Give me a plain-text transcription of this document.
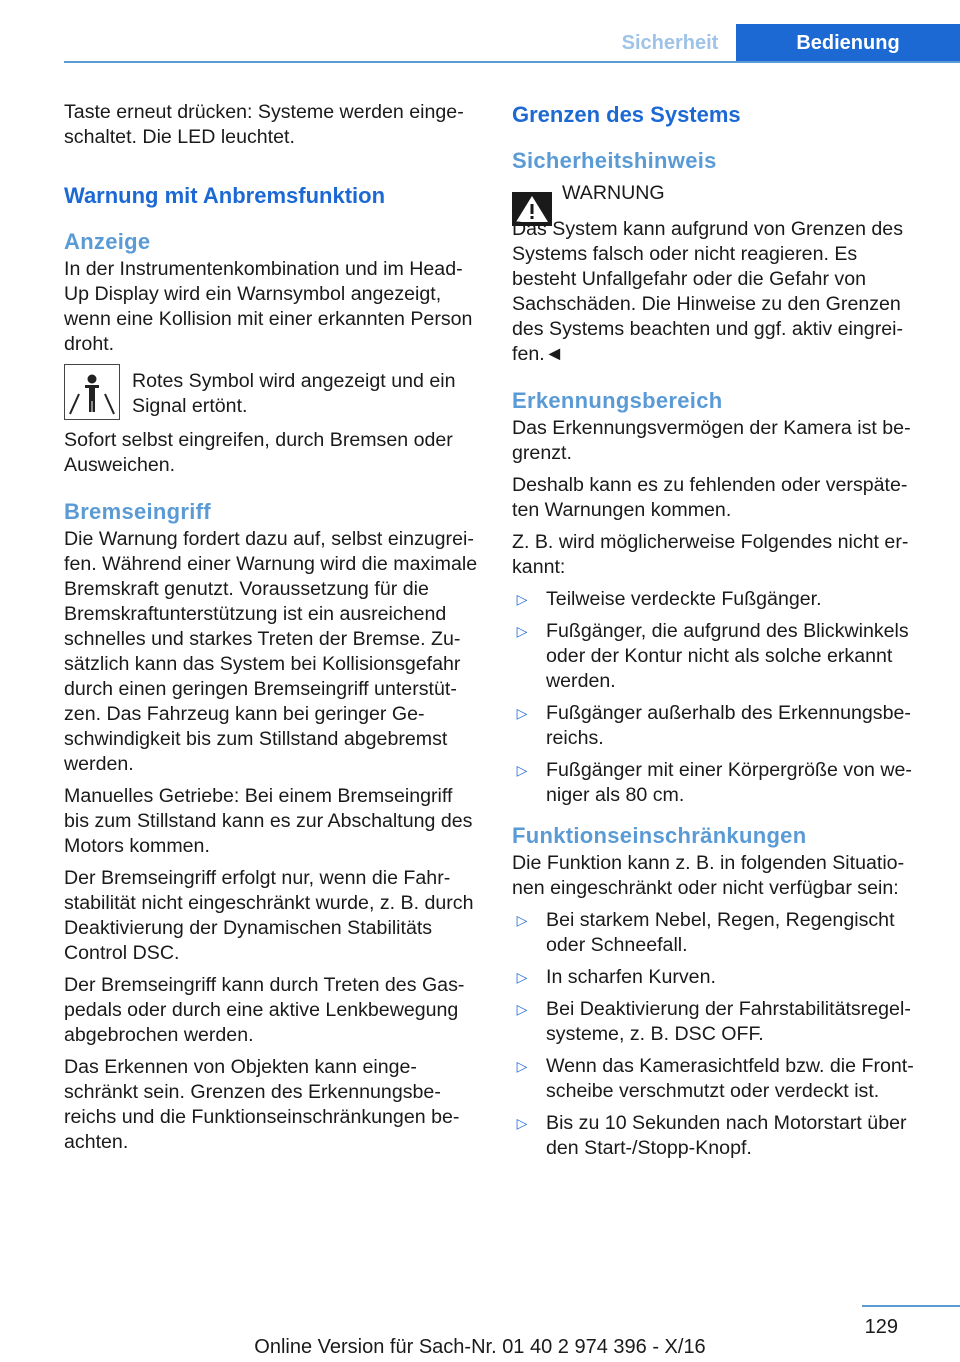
Sicherheit	Bedienung

Taste erneut drücken: Systeme werden eingeschaltet. Die LED leuchtet.

Warnung mit Anbremsfunktion
Anzeige

In der Instrumentenkombination und im Head-Up Display wird ein Warnsymbol angezeigt, wenn eine Kollision mit einer erkannten Person droht.

Rotes Symbol wird angezeigt und ein Signal ertönt.

Sofort selbst eingreifen, durch Bremsen oder Ausweichen.

Bremseingriff

Die Warnung fordert dazu auf, selbst einzugreifen. Während einer Warnung wird die maximale Bremskraft genutzt. Voraussetzung für die Bremskraftunterstützung ist ein ausreichend schnelles und starkes Treten der Bremse. Zusätzlich kann das System bei Kollisionsgefahr durch einen geringen Bremseingriff unterstützen. Das Fahrzeug kann bei geringer Geschwindigkeit bis zum Stillstand abgebremst werden.

Manuelles Getriebe: Bei einem Bremseingriff bis zum Stillstand kann es zur Abschaltung des Motors kommen.

Der Bremseingriff erfolgt nur, wenn die Fahrstabilität nicht eingeschränkt wurde, z. B. durch Deaktivierung der Dynamischen Stabilitäts Control DSC.

Der Bremseingriff kann durch Treten des Gaspedals oder durch eine aktive Lenkbewegung abgebrochen werden.

Das Erkennen von Objekten kann eingeschränkt sein. Grenzen des Erkennungsbereichs und die Funktionseinschränkungen beachten.

Grenzen des Systems
Sicherheitshinweis
WARNUNG
Das System kann aufgrund von Grenzen des Systems falsch oder nicht reagieren. Es besteht Unfallgefahr oder die Gefahr von Sachschäden. Die Hinweise zu den Grenzen des Systems beachten und ggf. aktiv eingreifen.◄
Erkennungsbereich

Das Erkennungsvermögen der Kamera ist begrenzt.

Deshalb kann es zu fehlenden oder verspäteten Warnungen kommen.

Z. B. wird möglicherweise Folgendes nicht erkannt:

▷ Teilweise verdeckte Fußgänger.
▷ Fußgänger, die aufgrund des Blickwinkels oder der Kontur nicht als solche erkannt werden.
▷ Fußgänger außerhalb des Erkennungsbereichs.
▷ Fußgänger mit einer Körpergröße von weniger als 80 cm.
Funktionseinschränkungen

Die Funktion kann z. B. in folgenden Situationen eingeschränkt oder nicht verfügbar sein:

▷ Bei starkem Nebel, Regen, Regengischt oder Schneefall.
▷ In scharfen Kurven.
▷ Bei Deaktivierung der Fahrstabilitätsregelsysteme, z. B. DSC OFF.
▷ Wenn das Kamerasichtfeld bzw. die Frontscheibe verschmutzt oder verdeckt ist.
▷ Bis zu 10 Sekunden nach Motorstart über den Start-/Stopp-Knopf.
129
Online Version für Sach-Nr. 01 40 2 974 396 - X/16
